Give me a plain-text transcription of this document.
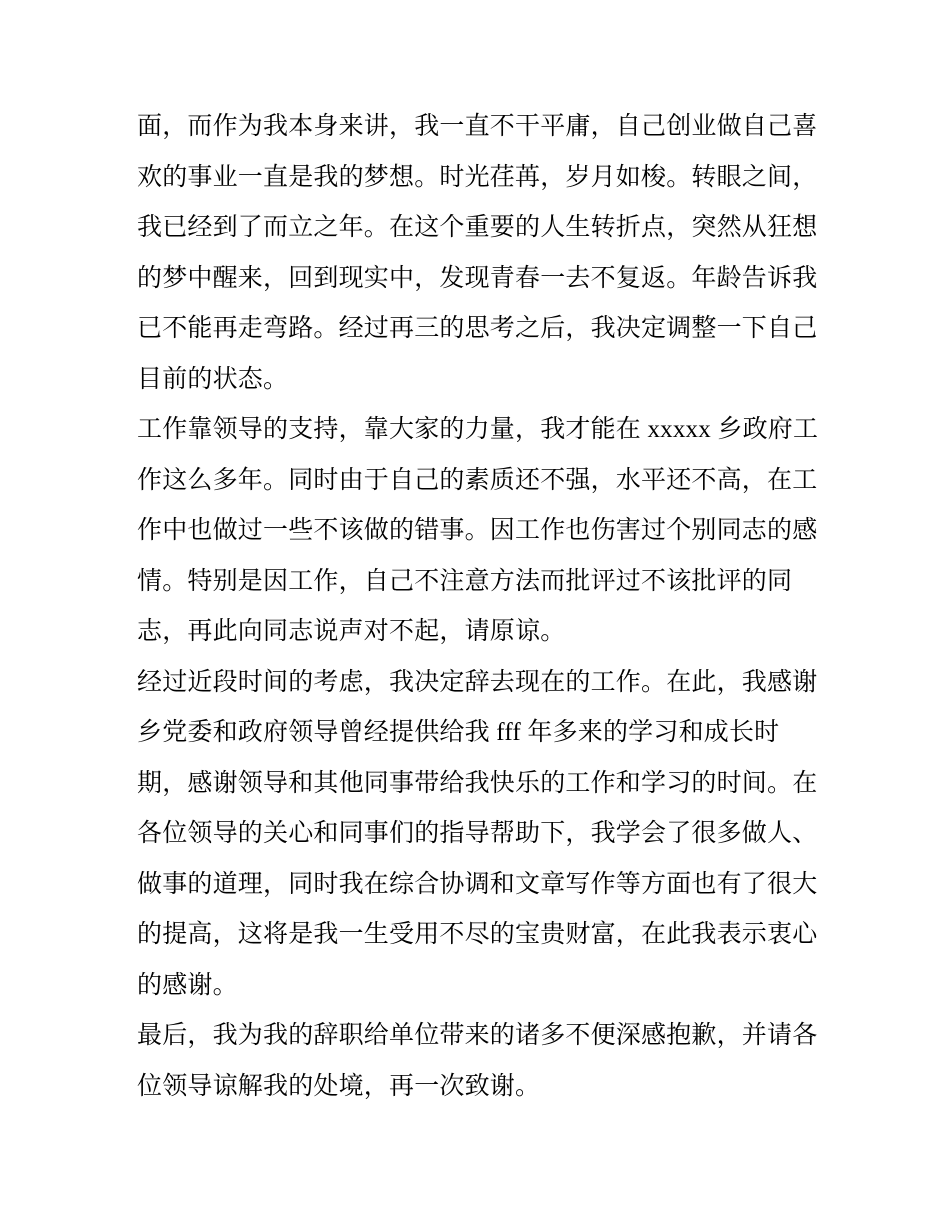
面，而作为我本身来讲，我一直不干平庸，自己创业做自己喜
欢的事业一直是我的梦想。时光荏苒，岁月如梭。转眼之间，
我已经到了而立之年。在这个重要的人生转折点，突然从狂想
的梦中醒来，回到现实中，发现青春一去不复返。年龄告诉我
已不能再走弯路。经过再三的思考之后，我决定调整一下自己
目前的状态。
工作靠领导的支持，靠大家的力量，我才能在 xxxxx 乡政府工
作这么多年。同时由于自己的素质还不强，水平还不高，在工
作中也做过一些不该做的错事。因工作也伤害过个别同志的感
情。特别是因工作，自己不注意方法而批评过不该批评的同
志，再此向同志说声对不起，请原谅。
经过近段时间的考虑，我决定辞去现在的工作。在此，我感谢
乡党委和政府领导曾经提供给我 fff 年多来的学习和成长时
期，感谢领导和其他同事带给我快乐的工作和学习的时间。在
各位领导的关心和同事们的指导帮助下，我学会了很多做人、
做事的道理，同时我在综合协调和文章写作等方面也有了很大
的提高，这将是我一生受用不尽的宝贵财富，在此我表示衷心
的感谢。
最后，我为我的辞职给单位带来的诸多不便深感抱歉，并请各
位领导谅解我的处境，再一次致谢。
